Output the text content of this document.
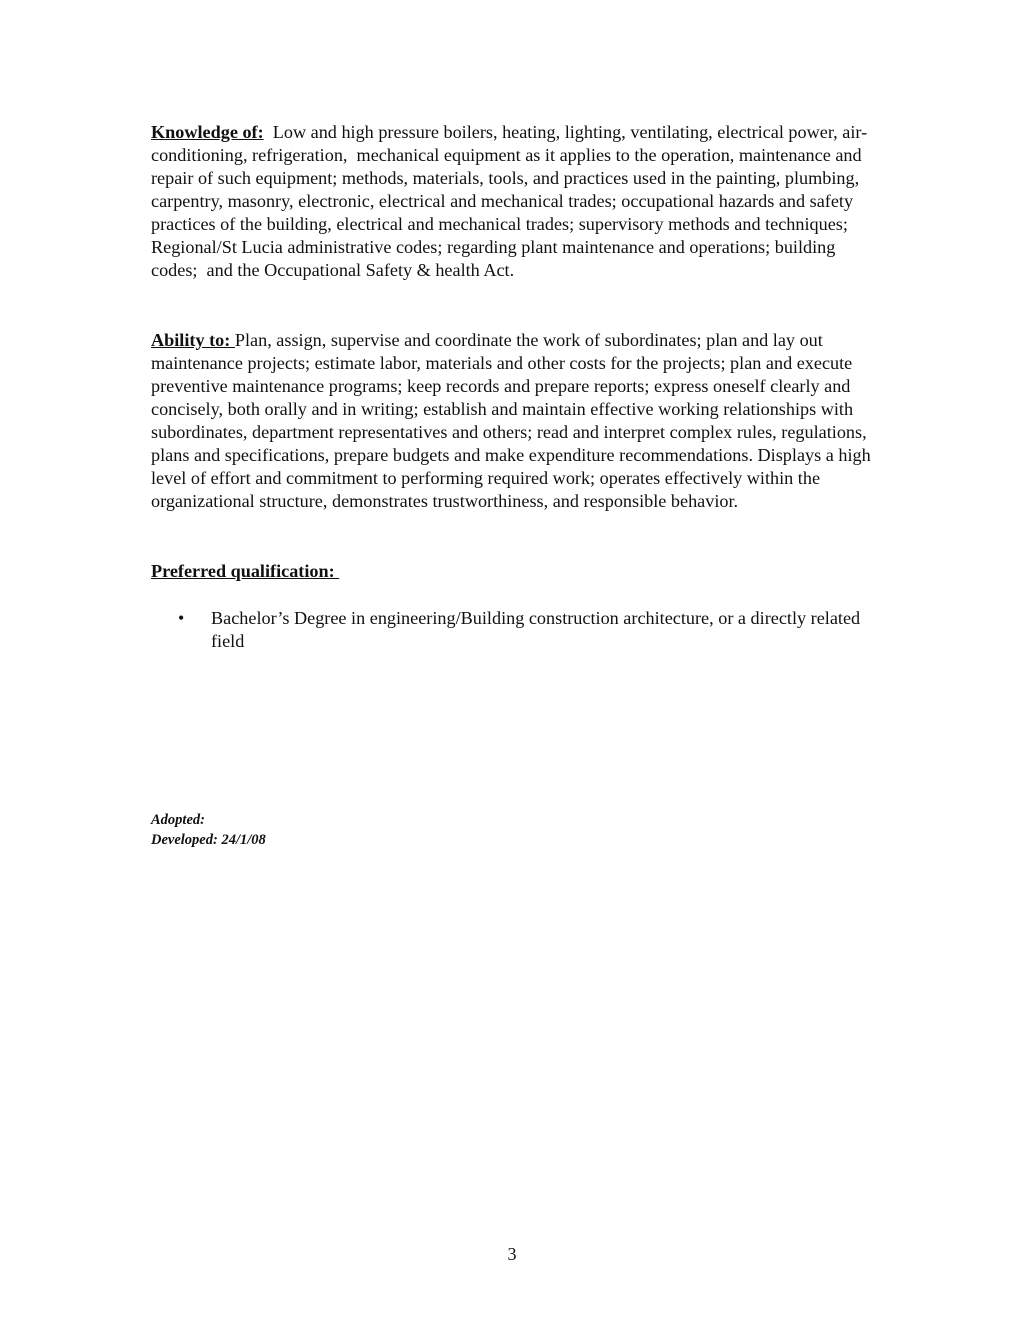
Knowledge of:  Low and high pressure boilers, heating, lighting, ventilating, electrical power, air-conditioning, refrigeration,  mechanical equipment as it applies to the operation, maintenance and repair of such equipment; methods, materials, tools, and practices used in the painting, plumbing, carpentry, masonry, electronic, electrical and mechanical trades; occupational hazards and safety practices of the building, electrical and mechanical trades; supervisory methods and techniques; Regional/St Lucia administrative codes; regarding plant maintenance and operations; building codes;  and the Occupational Safety & health Act.

Ability to: Plan, assign, supervise and coordinate the work of subordinates; plan and lay out maintenance projects; estimate labor, materials and other costs for the projects; plan and execute preventive maintenance programs; keep records and prepare reports; express oneself clearly and concisely, both orally and in writing; establish and maintain effective working relationships with subordinates, department representatives and others; read and interpret complex rules, regulations, plans and specifications, prepare budgets and make expenditure recommendations. Displays a high level of effort and commitment to performing required work; operates effectively within the organizational structure, demonstrates trustworthiness, and responsible behavior.

Preferred qualification:
• Bachelor’s Degree in engineering/Building construction architecture, or a directly related field
Adopted:
Developed: 24/1/08
3
